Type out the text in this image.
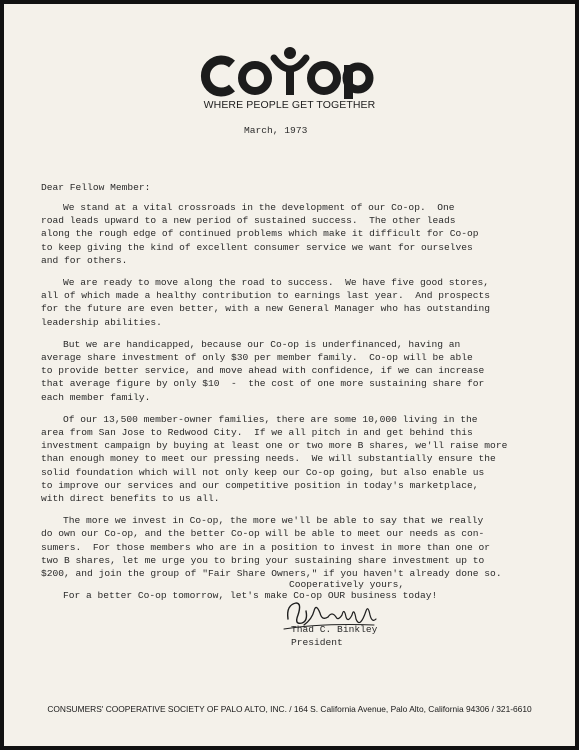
WHERE PEOPLE GET TOGETHER
March, 1973
Dear Fellow Member:
We stand at a vital crossroads in the development of our Co-op.  One
road leads upward to a new period of sustained success.  The other leads
along the rough edge of continued problems which make it difficult for Co-op
to keep giving the kind of excellent consumer service we want for ourselves
and for others.
We are ready to move along the road to success.  We have five good stores,
all of which made a healthy contribution to earnings last year.  And prospects
for the future are even better, with a new General Manager who has outstanding
leadership abilities.
But we are handicapped, because our Co-op is underfinanced, having an
average share investment of only $30 per member family.  Co-op will be able
to provide better service, and move ahead with confidence, if we can increase
that average figure by only $10  -  the cost of one more sustaining share for
each member family.
Of our 13,500 member-owner families, there are some 10,000 living in the
area from San Jose to Redwood City.  If we all pitch in and get behind this
investment campaign by buying at least one or two more B shares, we'll raise more
than enough money to meet our pressing needs.  We will substantially ensure the
solid foundation which will not only keep our Co-op going, but also enable us
to improve our services and our competitive position in today's marketplace,
with direct benefits to us all.
The more we invest in Co-op, the more we'll be able to say that we really
do own our Co-op, and the better Co-op will be able to meet our needs as con-
sumers.  For those members who are in a position to invest in more than one or
two B shares, let me urge you to bring your sustaining share investment up to
$200, and join the group of "Fair Share Owners," if you haven't already done so.
For a better Co-op tomorrow, let's make Co-op OUR business today!
Cooperatively yours,
Thad C. Binkley
President
CONSUMERS' COOPERATIVE SOCIETY OF PALO ALTO, INC. / 164 S. California Avenue, Palo Alto, California 94306 / 321-6610
